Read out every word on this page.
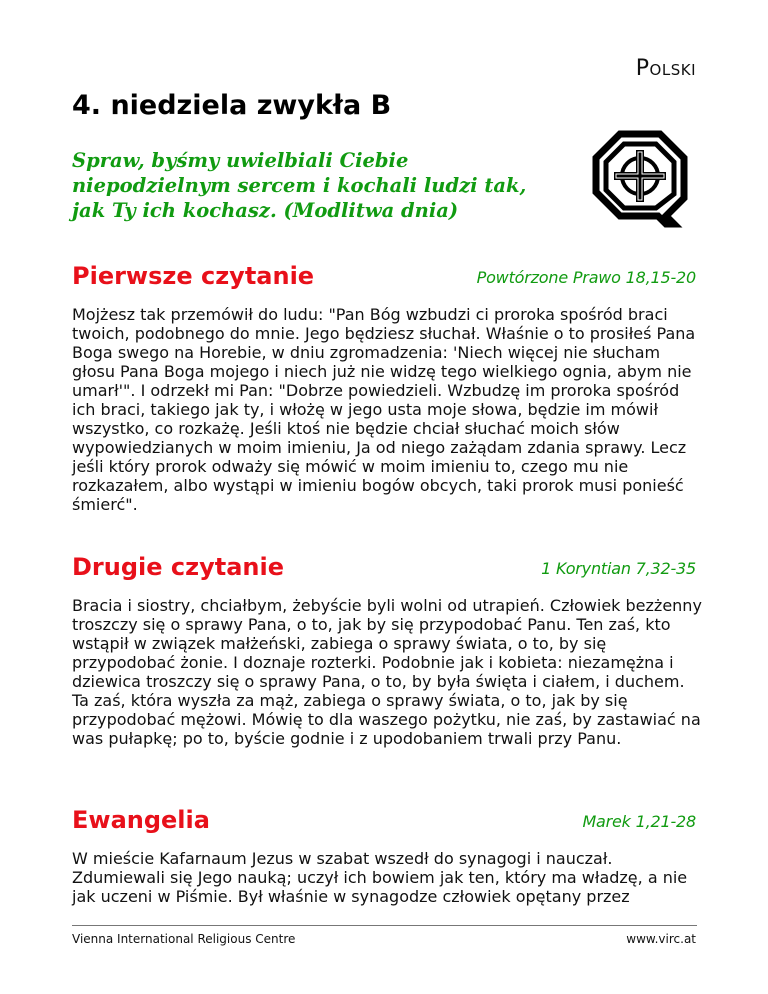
Polski
4. niedziela zwykła B
Spraw, byśmy uwielbiali Ciebie niepodzielnym sercem i kochali ludzi tak, jak Ty ich kochasz. (Modlitwa dnia)
Pierwsze czytanie	Powtórzone Prawo 18,15-20
Mojżesz tak przemówił do ludu: "Pan Bóg wzbudzi ci proroka spośród braci twoich, podobnego do mnie. Jego będziesz słuchał. Właśnie o to prosiłeś Pana Boga swego na Horebie, w dniu zgromadzenia: 'Niech więcej nie słucham głosu Pana Boga mojego i niech już nie widzę tego wielkiego ognia, abym nie umarł'". I odrzekł mi Pan: "Dobrze powiedzieli. Wzbudzę im proroka spośród ich braci, takiego jak ty, i włożę w jego usta moje słowa, będzie im mówił wszystko, co rozkażę. Jeśli ktoś nie będzie chciał słuchać moich słów wypowiedzianych w moim imieniu, Ja od niego zażądam zdania sprawy. Lecz jeśli który prorok odważy się mówić w moim imieniu to, czego mu nie rozkazałem, albo wystąpi w imieniu bogów obcych, taki prorok musi ponieść śmierć".
Drugie czytanie	1 Koryntian 7,32-35
Bracia i siostry, chciałbym, żebyście byli wolni od utrapień. Człowiek bezżenny troszczy się o sprawy Pana, o to, jak by się przypodobać Panu. Ten zaś, kto wstąpił w związek małżeński, zabiega o sprawy świata, o to, by się przypodobać żonie. I doznaje rozterki. Podobnie jak i kobieta: niezamężna i dziewica troszczy się o sprawy Pana, o to, by była święta i ciałem, i duchem. Ta zaś, która wyszła za mąż, zabiega o sprawy świata, o to, jak by się przypodobać mężowi. Mówię to dla waszego pożytku, nie zaś, by zastawiać na was pułapkę; po to, byście godnie i z upodobaniem trwali przy Panu.
Ewangelia	Marek 1,21-28
W mieście Kafarnaum Jezus w szabat wszedł do synagogi i nauczał. Zdumiewali się Jego nauką; uczył ich bowiem jak ten, który ma władzę, a nie jak uczeni w Piśmie. Był właśnie w synagodze człowiek opętany przez
Vienna International Religious Centre	www.virc.at
